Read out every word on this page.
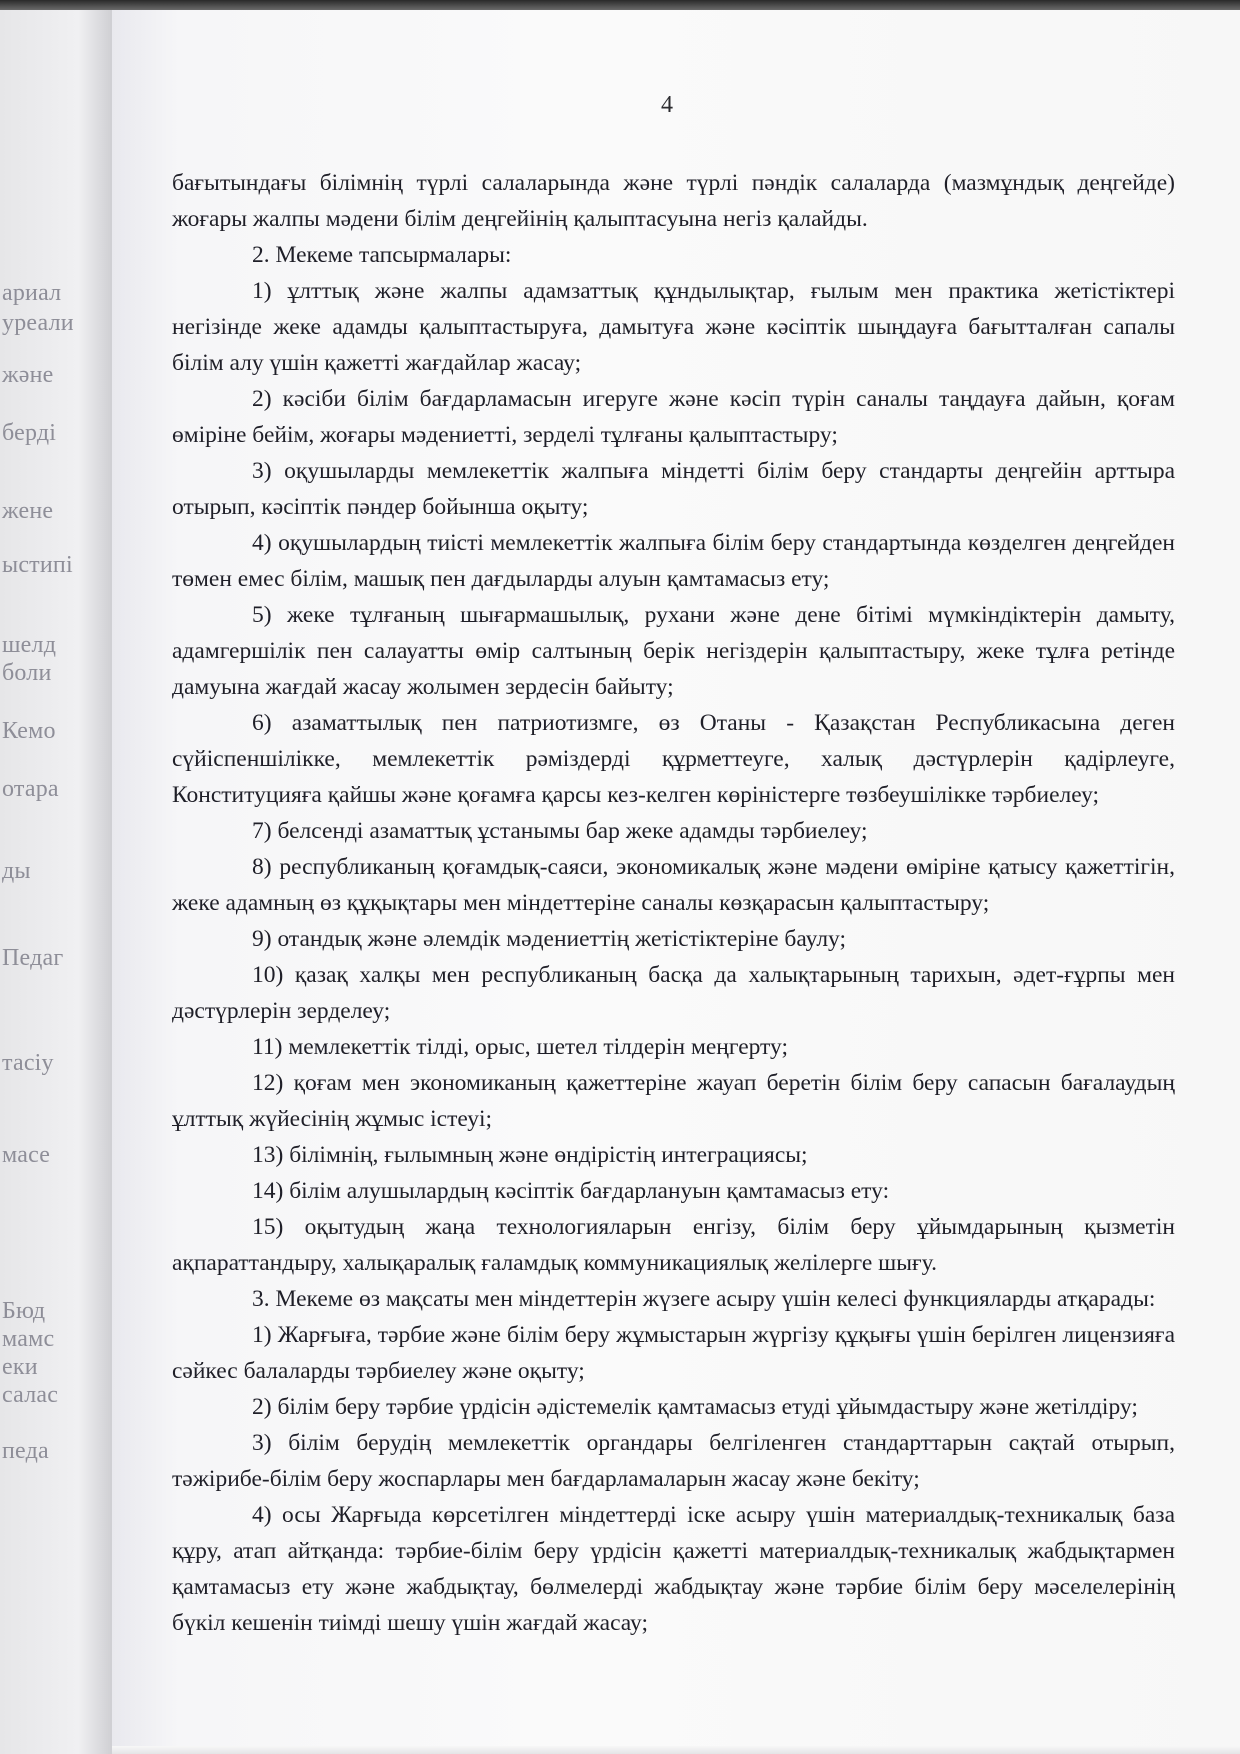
ариал
уреали
және
берді
жене
ыстипі
шелд
боли
Кемо
отара
ды
Педаг
тасіу
масе
Бюд
мамс
еки
салас
педа
4

бағытындағы білімнің түрлі салаларында және түрлі пәндік салаларда (мазмұндық деңгейде) жоғары жалпы мәдени білім деңгейінің қалыптасуына негіз қалайды.

2. Мекеме тапсырмалары:

1) ұлттық және жалпы адамзаттық құндылықтар, ғылым мен практика жетістіктері негізінде жеке адамды қалыптастыруға, дамытуға және кәсіптік шыңдауға бағытталған сапалы білім алу үшін қажетті жағдайлар жасау;

2) кәсіби білім бағдарламасын игеруге және кәсіп түрін саналы таңдауға дайын, қоғам өміріне бейім, жоғары мәдениетті, зерделі тұлғаны қалыптастыру;

3) оқушыларды мемлекеттік жалпыға міндетті білім беру стандарты деңгейін арттыра отырып, кәсіптік пәндер бойынша оқыту;

4) оқушылардың тиісті мемлекеттік жалпыға білім беру стандартында көзделген деңгейден төмен емес білім, машық пен дағдыларды алуын қамтамасыз ету;

5) жеке тұлғаның шығармашылық, рухани және дене бітімі мүмкіндіктерін дамыту, адамгершілік пен салауатты өмір салтының берік негіздерін қалыптастыру, жеке тұлға ретінде дамуына жағдай жасау жолымен зердесін байыту;

6) азаматтылық пен патриотизмге, өз Отаны - Қазақстан Республикасына деген сүйіспеншілікке, мемлекеттік рәміздерді құрметтеуге, халық дәстүрлерін қадірлеуге, Конституцияға қайшы және қоғамға қарсы кез-келген көріністерге төзбеушілікке тәрбиелеу;

7) белсенді азаматтық ұстанымы бар жеке адамды тәрбиелеу;

8) республиканың қоғамдық-саяси, экономикалық және мәдени өміріне қатысу қажеттігін, жеке адамның өз құқықтары мен міндеттеріне саналы көзқарасын қалыптастыру;

9) отандық және әлемдік мәдениеттің жетістіктеріне баулу;

10) қазақ халқы мен республиканың басқа да халықтарының тарихын, әдет-ғұрпы мен дәстүрлерін зерделеу;

11) мемлекеттік тілді, орыс, шетел тілдерін меңгерту;

12) қоғам мен экономиканың қажеттеріне жауап беретін білім беру сапасын бағалаудың ұлттық жүйесінің жұмыс істеуі;

13) білімнің, ғылымның және өндірістің интеграциясы;

14) білім алушылардың кәсіптік бағдарлануын қамтамасыз ету:

15) оқытудың жаңа технологияларын енгізу, білім беру ұйымдарының қызметін ақпараттандыру, халықаралық ғаламдық коммуникациялық желілерге шығу.

3. Мекеме өз мақсаты мен міндеттерін жүзеге асыру үшін келесі функцияларды атқарады:

1) Жарғыға, тәрбие және білім беру жұмыстарын жүргізу құқығы үшін берілген лицензияға сәйкес балаларды тәрбиелеу және оқыту;

2) білім беру тәрбие үрдісін әдістемелік қамтамасыз етуді ұйымдастыру және жетілдіру;

3) білім берудің мемлекеттік органдары белгіленген стандарттарын сақтай отырып, тәжірибе-білім беру жоспарлары мен бағдарламаларын жасау және бекіту;

4) осы Жарғыда көрсетілген міндеттерді іске асыру үшін материалдық-техникалық база құру, атап айтқанда: тәрбие-білім беру үрдісін қажетті материалдық-техникалық жабдықтармен қамтамасыз ету және жабдықтау, бөлмелерді жабдықтау және тәрбие білім беру мәселелерінің бүкіл кешенін тиімді шешу үшін жағдай жасау;
